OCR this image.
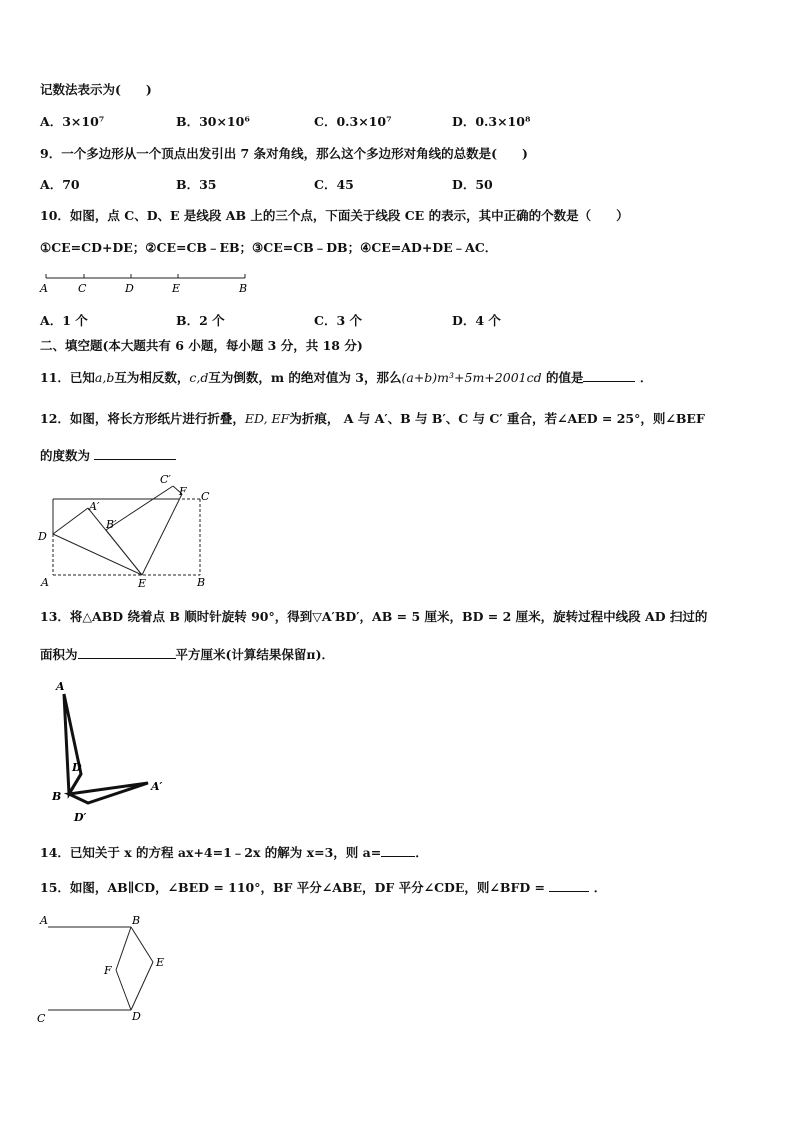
记数法表示为(　　)
A．3×10⁷	B．30×10⁶	C．0.3×10⁷	D．0.3×10⁸
9．一个多边形从一个顶点出发引出 7 条对角线，那么这个多边形对角线的总数是(　　)
A．70	B．35	C．45	D．50
10．如图，点 C、D、E 是线段 AB 上的三个点，下面关于线段 CE 的表示，其中正确的个数是（　　）
①CE=CD+DE；②CE=CB﹣EB；③CE=CB﹣DB；④CE=AD+DE﹣AC．
A	C	D	E	B
A．1 个	B．2 个	C．3 个	D．4 个
二、填空题(本大题共有 6 小题，每小题 3 分，共 18 分)
11．已知a,b互为相反数，c,d互为倒数，m 的绝对值为 3，那么(a+b)m³+5m+2001cd 的值是	．
12．如图，将长方形纸片进行折叠，ED, EF为折痕， A 与 A′、B 与 B′、C 与 C′ 重合，若∠AED = 25°，则∠BEF
的度数为
C′
F C
A′
B′
D
A	E	B
13．将△ABD 绕着点 B 顺时针旋转 90°，得到▽A′BD′，AB = 5 厘米，BD = 2 厘米，旋转过程中线段 AD 扫过的
面积为	平方厘米(计算结果保留π)．
A
D
B
A′
D′
14．已知关于 x 的方程 ax+4=1﹣2x 的解为 x=3，则 a=	．
15．如图，AB∥CD，∠BED = 110°，BF 平分∠ABE，DF 平分∠CDE，则∠BFD =	．
A	B
F
E
C	D
